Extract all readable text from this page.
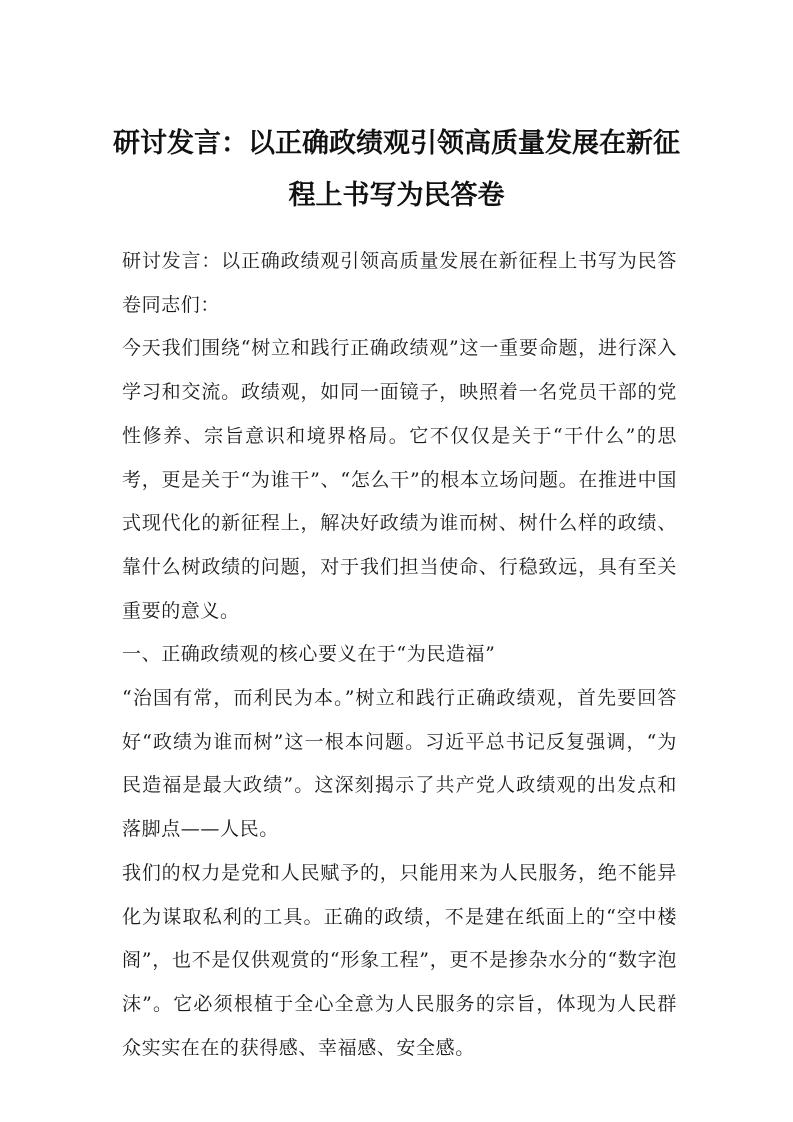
研讨发言：以正确政绩观引领高质量发展在新征程上书写为民答卷

研讨发言：以正确政绩观引领高质量发展在新征程上书写为民答卷同志们：

今天我们围绕“树立和践行正确政绩观”这一重要命题，进行深入学习和交流。政绩观，如同一面镜子，映照着一名党员干部的党性修养、宗旨意识和境界格局。它不仅仅是关于“干什么”的思考，更是关于“为谁干”、“怎么干”的根本立场问题。在推进中国式现代化的新征程上，解决好政绩为谁而树、树什么样的政绩、靠什么树政绩的问题，对于我们担当使命、行稳致远，具有至关重要的意义。

一、正确政绩观的核心要义在于“为民造福”

“治国有常，而利民为本。”树立和践行正确政绩观，首先要回答好“政绩为谁而树”这一根本问题。习近平总书记反复强调，“为民造福是最大政绩”。这深刻揭示了共产党人政绩观的出发点和落脚点——人民。

我们的权力是党和人民赋予的，只能用来为人民服务，绝不能异化为谋取私利的工具。正确的政绩，不是建在纸面上的“空中楼阁”，也不是仅供观赏的“形象工程”，更不是掺杂水分的“数字泡沫”。它必须根植于全心全意为人民服务的宗旨，体现为人民群众实实在在的获得感、幸福感、安全感。
